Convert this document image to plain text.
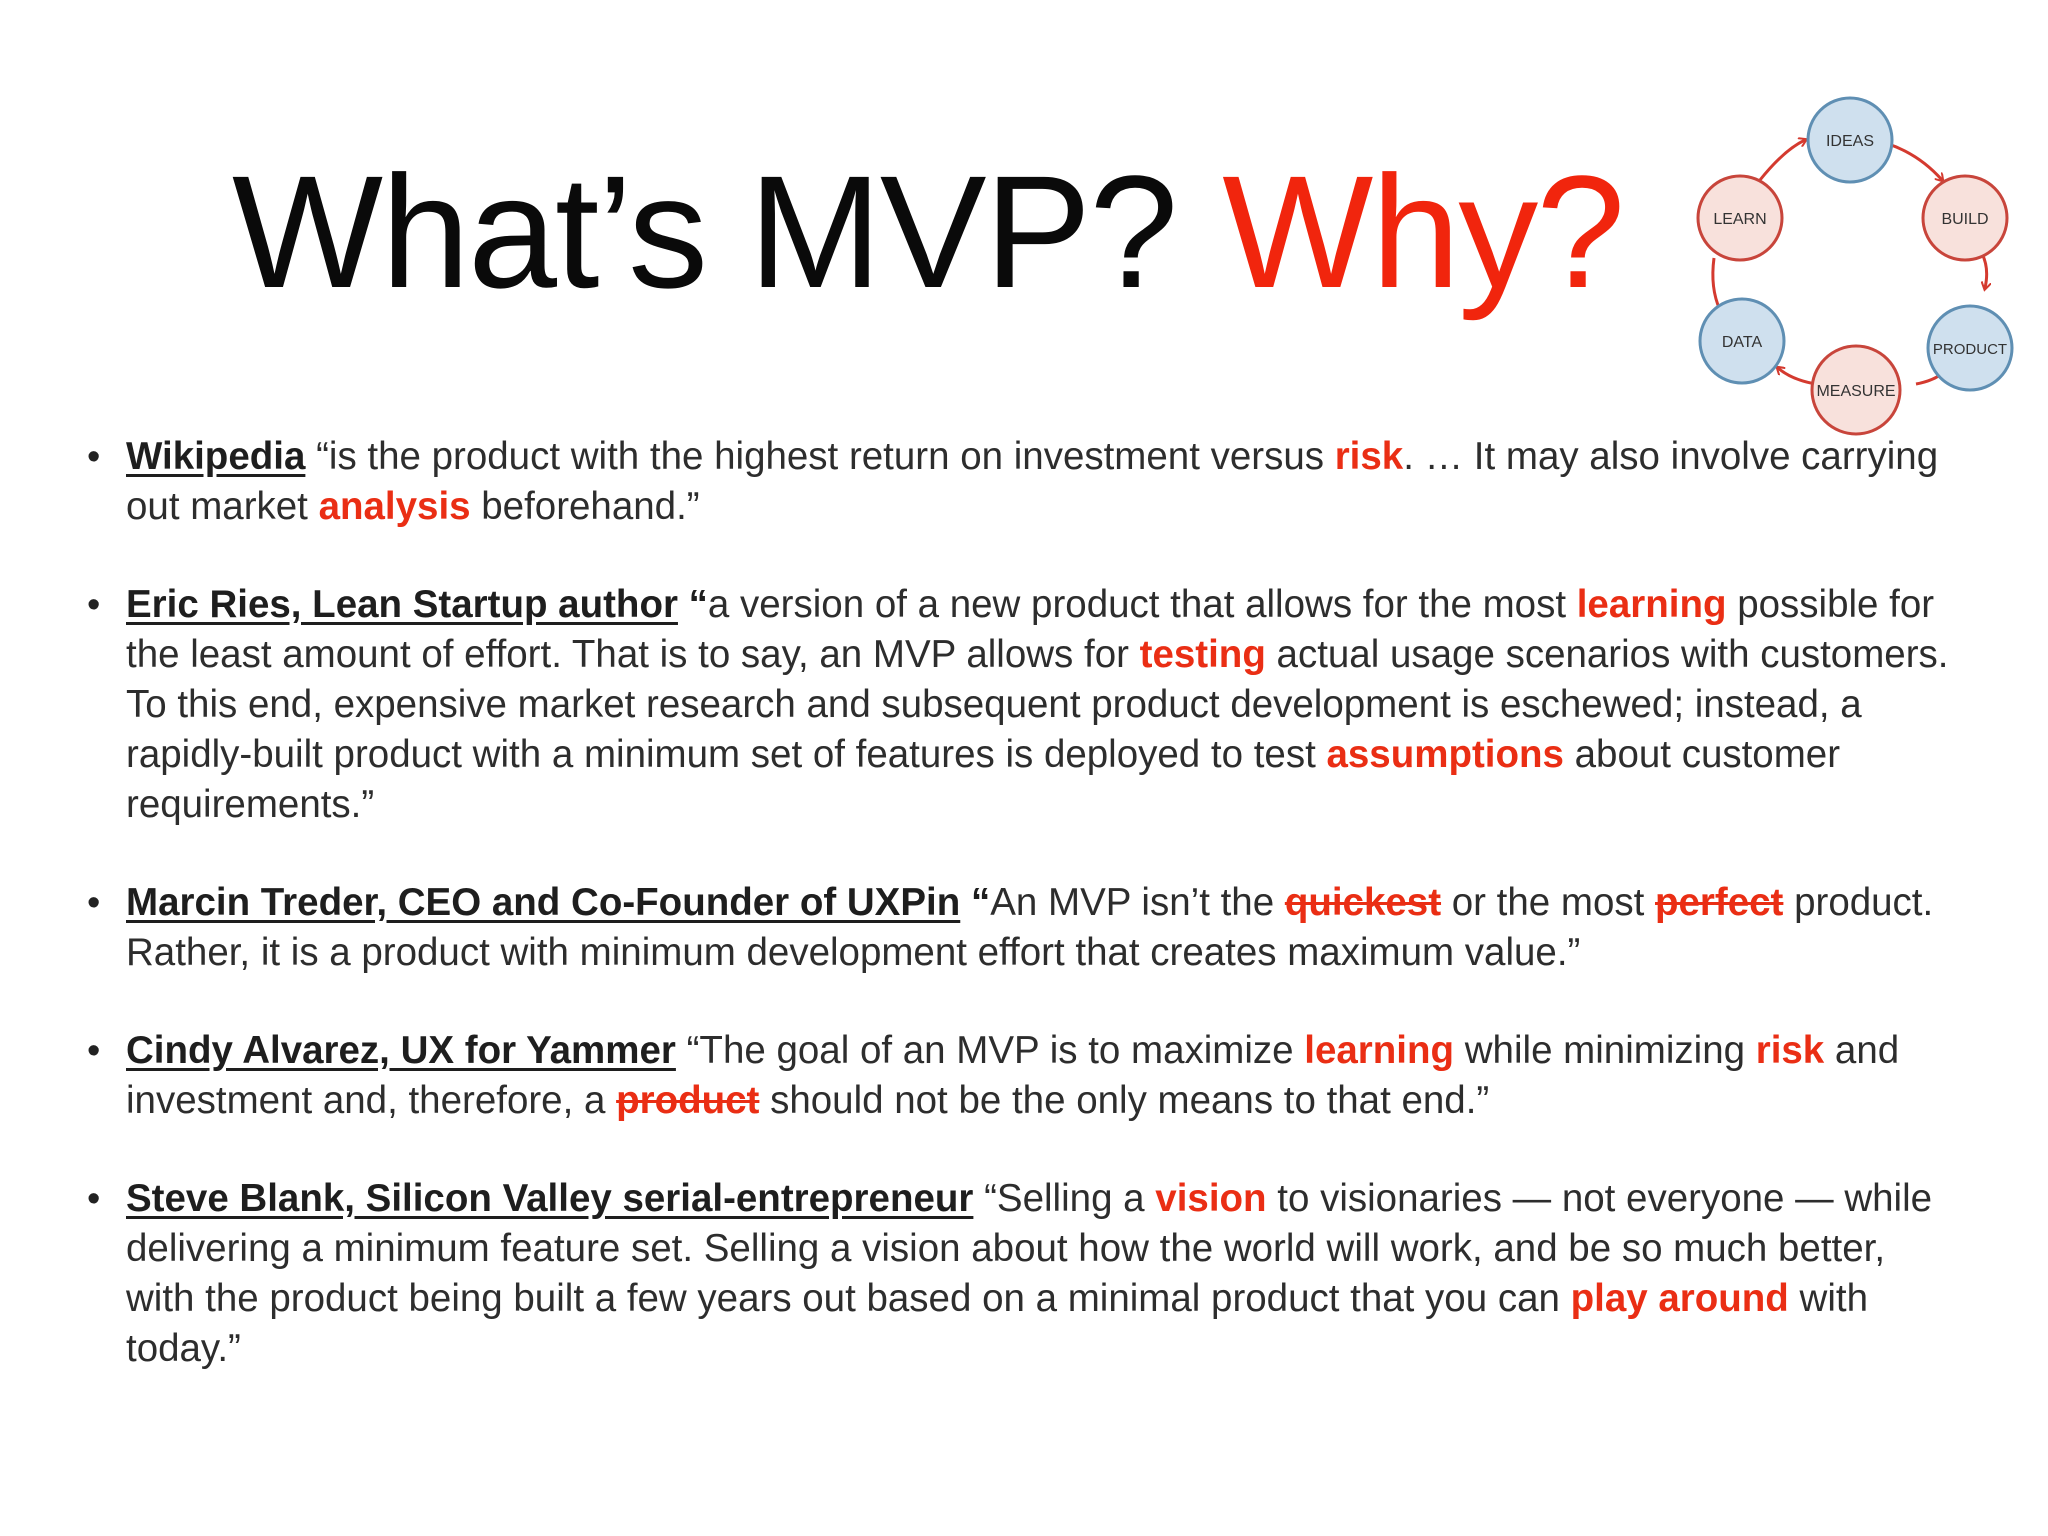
What’s MVP? Why?
IDEAS
BUILD
PRODUCT
MEASURE
DATA
LEARN
• Wikipedia “is the product with the highest return on investment versus risk. … It may also involve carrying out market analysis beforehand.”
• Eric Ries, Lean Startup author “a version of a new product that allows for the most learning possible for the least amount of effort. That is to say, an MVP allows for testing actual usage scenarios with customers. To this end, expensive market research and subsequent product development is eschewed; instead, a rapidly-built product with a minimum set of features is deployed to test assumptions about customer requirements.”
• Marcin Treder, CEO and Co-Founder of UXPin “An MVP isn’t the quickest or the most perfect product. Rather, it is a product with minimum development effort that creates maximum value.”
• Cindy Alvarez, UX for Yammer “The goal of an MVP is to maximize learning while minimizing risk and investment and, therefore, a product should not be the only means to that end.”
• Steve Blank, Silicon Valley serial-entrepreneur “Selling a vision to visionaries — not everyone — while delivering a minimum feature set. Selling a vision about how the world will work, and be so much better, with the product being built a few years out based on a minimal product that you can play around with today.”
